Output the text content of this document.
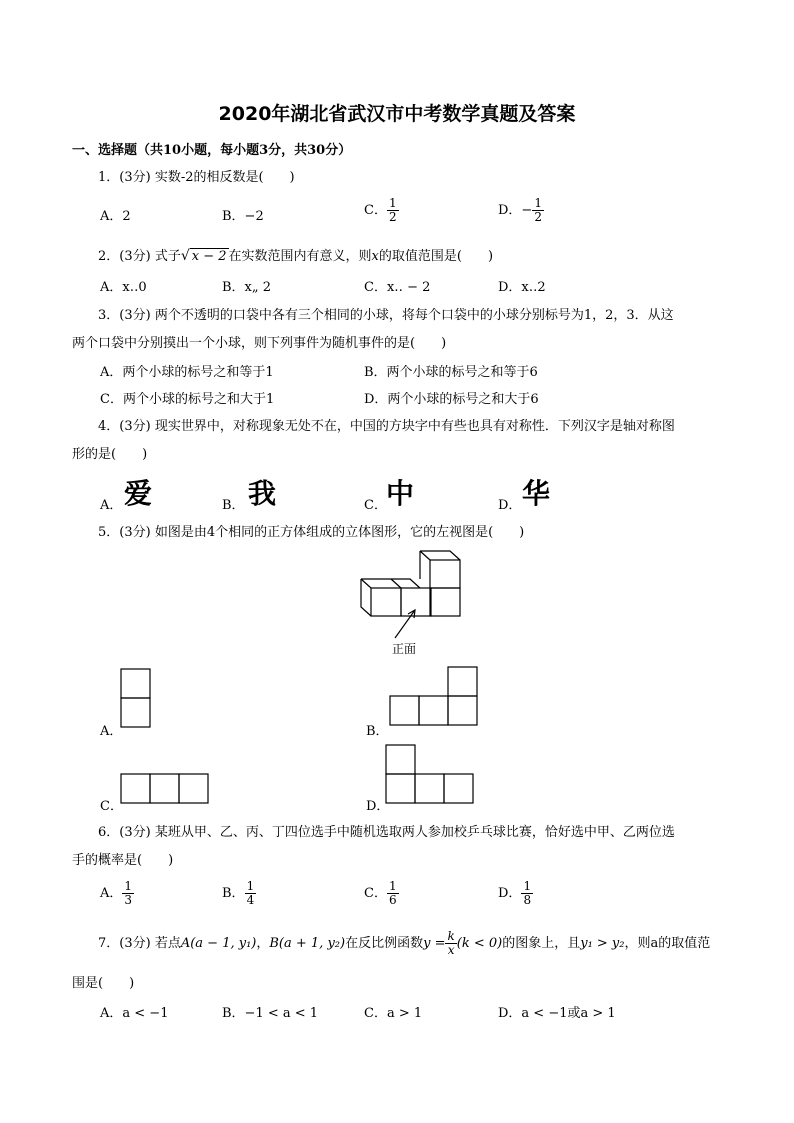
2020年湖北省武汉市中考数学真题及答案
一、选择题（共10小题，每小题3分，共30分）
1．(3分) 实数-2的相反数是(　　)
A．2	B．−2	C． $\frac{1}{2}$	D．− $\frac{1}{2}$
2．(3分) 式子√ x − 2 在实数范围内有意义，则x的取值范围是(　　)
A．x‥0	B．x„ 2	C．x‥ − 2	D．x‥2
3．(3分) 两个不透明的口袋中各有三个相同的小球，将每个口袋中的小球分别标号为1，2，3．从这
两个口袋中分别摸出一个小球，则下列事件为随机事件的是(　　)
A．两个小球的标号之和等于1	B．两个小球的标号之和等于6
C．两个小球的标号之和大于1	D．两个小球的标号之和大于6
4．(3分) 现实世界中，对称现象无处不在，中国的方块字中有些也具有对称性．下列汉字是轴对称图
形的是(　　)
A． 爱	B． 我	C． 中	D． 华
5．(3分) 如图是由4个相同的正方体组成的立体图形，它的左视图是(　　)
正面
A．	B．
C．	D．
6．(3分) 某班从甲、乙、丙、丁四位选手中随机选取两人参加校乒乓球比赛，恰好选中甲、乙两位选
手的概率是(　　)
A． $\frac{1}{3}$	B． $\frac{1}{4}$	C． $\frac{1}{6}$	D． $\frac{1}{8}$
7．(3分) 若点A(a − 1, y₁)，B(a + 1, y₂)在反比例函数$y = \frac{k}{x} (k < 0)$的图象上，且y₁ > y₂，则a的取值范
围是(　　)
A．a < −1	B．−1 < a < 1	C．a > 1	D．a < −1或a > 1
